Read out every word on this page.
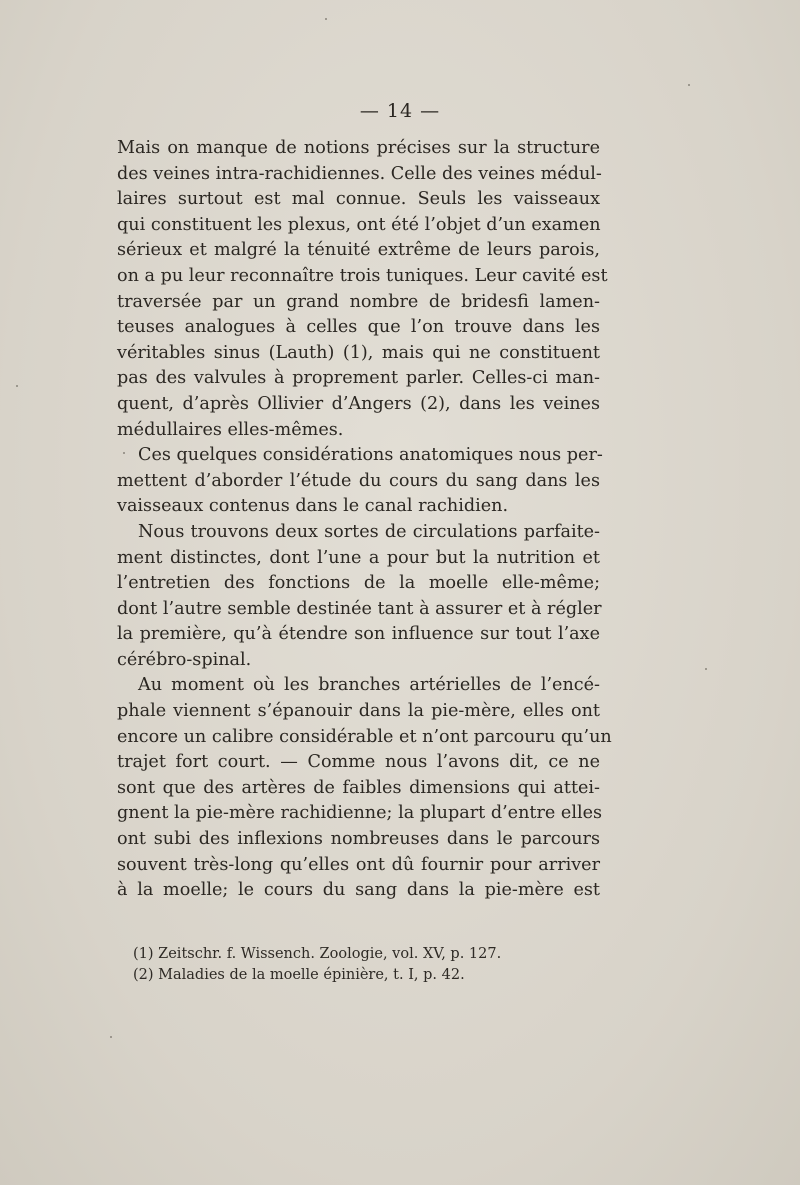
— 14 —
Mais on manque de notions précises sur la structure
des veines intra-rachidiennes. Celle des veines médul-
laires surtout est mal connue. Seuls les vaisseaux
qui constituent les plexus, ont été l’objet d’un examen
sérieux et malgré la ténuité extrême de leurs parois,
on a pu leur reconnaître trois tuniques. Leur cavité est
traversée par un grand nombre de bridesfi lamen-
teuses analogues à celles que l’on trouve dans les
véritables sinus (Lauth) (1), mais qui ne constituent
pas des valvules à proprement parler. Celles-ci man-
quent, d’après Ollivier d’Angers (2), dans les veines
médullaires elles-mêmes.
Ces quelques considérations anatomiques nous per-
mettent d’aborder l’étude du cours du sang dans les
vaisseaux contenus dans le canal rachidien.
Nous trouvons deux sortes de circulations parfaite-
ment distinctes, dont l’une a pour but la nutrition et
l’entretien des fonctions de la moelle elle-même;
dont l’autre semble destinée tant à assurer et à régler
la première, qu’à étendre son influence sur tout l’axe
cérébro-spinal.
Au moment où les branches artérielles de l’encé-
phale viennent s’épanouir dans la pie-mère, elles ont
encore un calibre considérable et n’ont parcouru qu’un
trajet fort court. — Comme nous l’avons dit, ce ne
sont que des artères de faibles dimensions qui attei-
gnent la pie-mère rachidienne; la plupart d’entre elles
ont subi des inflexions nombreuses dans le parcours
souvent très-long qu’elles ont dû fournir pour arriver
à la moelle; le cours du sang dans la pie-mère est
(1) Zeitschr. f. Wissench. Zoologie, vol. XV, p. 127.
(2) Maladies de la moelle épinière, t. I, p. 42.
